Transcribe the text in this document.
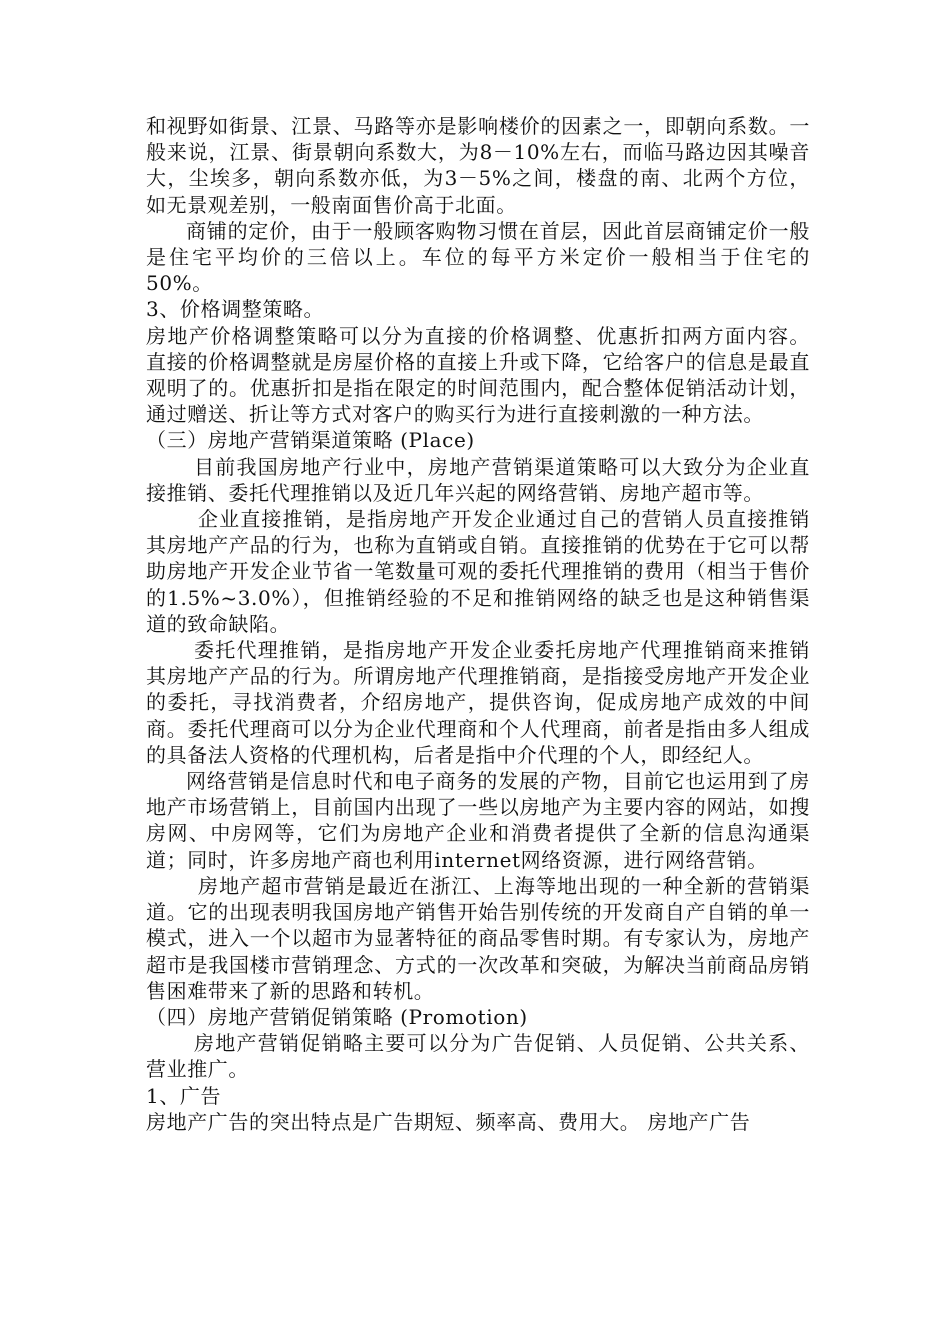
和视野如街景、江景、马路等亦是影响楼价的因素之一，即朝向系数。一般来说，江景、街景朝向系数大，为8－10%左右，而临马路边因其噪音大，尘埃多，朝向系数亦低，为3－5%之间，楼盘的南、北两个方位，如无景观差别，一般南面售价高于北面。

商铺的定价，由于一般顾客购物习惯在首层，因此首层商铺定价一般是住宅平均价的三倍以上。车位的每平方米定价一般相当于住宅的50%。

3、价格调整策略。

房地产价格调整策略可以分为直接的价格调整、优惠折扣两方面内容。 直接的价格调整就是房屋价格的直接上升或下降，它给客户的信息是最直观明了的。优惠折扣是指在限定的时间范围内，配合整体促销活动计划，通过赠送、折让等方式对客户的购买行为进行直接刺激的一种方法。

（三）房地产营销渠道策略 (Place)

目前我国房地产行业中，房地产营销渠道策略可以大致分为企业直接推销、委托代理推销以及近几年兴起的网络营销、房地产超市等。

企业直接推销，是指房地产开发企业通过自己的营销人员直接推销其房地产产品的行为，也称为直销或自销。直接推销的优势在于它可以帮助房地产开发企业节省一笔数量可观的委托代理推销的费用（相当于售价的1.5%~3.0%），但推销经验的不足和推销网络的缺乏也是这种销售渠道的致命缺陷。

委托代理推销，是指房地产开发企业委托房地产代理推销商来推销其房地产产品的行为。所谓房地产代理推销商，是指接受房地产开发企业的委托，寻找消费者，介绍房地产，提供咨询，促成房地产成效的中间商。委托代理商可以分为企业代理商和个人代理商，前者是指由多人组成的具备法人资格的代理机构，后者是指中介代理的个人，即经纪人。

网络营销是信息时代和电子商务的发展的产物，目前它也运用到了房地产市场营销上，目前国内出现了一些以房地产为主要内容的网站，如搜房网、中房网等，它们为房地产企业和消费者提供了全新的信息沟通渠道；同时，许多房地产商也利用internet网络资源，进行网络营销。

房地产超市营销是最近在浙江、上海等地出现的一种全新的营销渠道。它的出现表明我国房地产销售开始告别传统的开发商自产自销的单一模式，进入一个以超市为显著特征的商品零售时期。有专家认为，房地产超市是我国楼市营销理念、方式的一次改革和突破，为解决当前商品房销售困难带来了新的思路和转机。

（四）房地产营销促销策略 (Promotion)

房地产营销促销略主要可以分为广告促销、人员促销、公共关系、营业推广。

1、广告

房地产广告的突出特点是广告期短、频率高、费用大。 房地产广告
